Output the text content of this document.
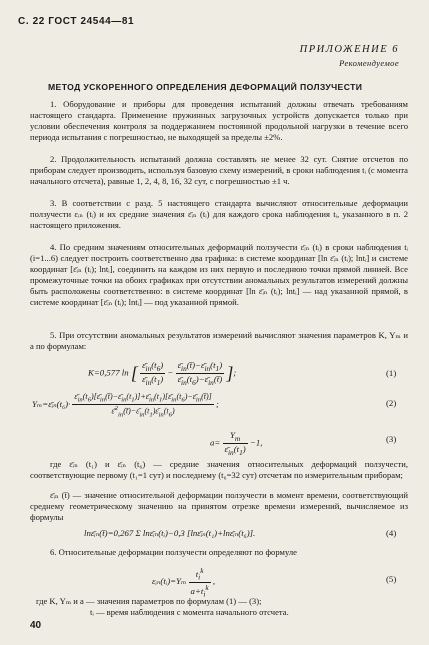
С. 22 ГОСТ 24544—81
ПРИЛОЖЕНИЕ 6
Рекомендуемое
МЕТОД УСКОРЕННОГО ОПРЕДЕЛЕНИЯ ДЕФОРМАЦИЙ ПОЛЗУЧЕСТИ
1. Оборудование и приборы для проведения испытаний должны отвечать требованиям настоящего стандарта. Применение пружинных загрузочных устройств допускается только при условии обеспечения контроля за поддержанием постоянной продольной нагрузки в течение всего периода испытания с погрешностью, не выходящей за пределы ±2%.
2. Продолжительность испытаний должна составлять не менее 32 сут. Снятие отсчетов по приборам следует производить, используя базовую схему измерений, в сроки наблюдения tᵢ (с момента начального отсчета), равные 1, 2, 4, 8, 16, 32 сут, с погрешностью ±1 ч.
3. В соответствии с разд. 5 настоящего стандарта вычисляют относительные деформации ползучести εᵢₙ (tᵢ) и их средние значения ε̄ᵢₙ (tᵢ) для каждого срока наблюдения tᵢ, указанного в п. 2 настоящего приложения.
4. По средним значениям относительных деформаций ползучести ε̄ᵢₙ (tᵢ) в сроки наблюдения tᵢ (i=1...6) следует построить соответственно два графика: в системе координат [ln ε̄ᵢₙ (tᵢ); lntᵢ] и системе координат [ε̄ᵢₙ (tᵢ); lntᵢ], соединить на каждом из них первую и последнюю точки прямой линией. Все промежуточные точки на обоих графиках при отсутствии аномальных результатов измерений должны быть расположены соответственно: в системе координат [ln ε̄ᵢₙ (tᵢ); lntᵢ] — над указанной прямой, в системе координат [ε̄ᵢₙ (tᵢ); lntᵢ] — под указанной прямой.
5. При отсутствии аномальных результатов измерений вычисляют значения параметров K, Yₘ и a по формулам:
K=0,577 ln [ $\frac{\varepsilon̄_{in}(t_6)}{\varepsilon̄_{in}(t_1)} - \frac{\varepsilon̄_{in}(t̄)-\varepsilon̄_{in}(t_1)}{\varepsilon̄_{in}(t_6)-\varepsilon̄_{in}(t̄)}$ ];	(1)
Yₘ=ε̄ᵢₙ(t₆)· $\frac{\varepsilon̄_{in}(t_6)[\varepsilon̄_{in}(t̄)-\varepsilon̄_{in}(t_1)]+\varepsilon̄_{in}(t_1)[\varepsilon̄_{in}(t_6)-\varepsilon̄_{in}(t̄)]}{\varepsilon̄^2_{in}(t̄)-\varepsilon̄_{in}(t_1)\varepsilon̄_{in}(t_6)}$ ;	(2)
$a= \frac{Y_m}{\varepsilon̄_{in}(t_1)} -1$,	(3)
где ε̄ᵢₙ (t₁) и ε̄ᵢₙ (t₆) — средние значения относительных деформаций ползучести, соответствующие первому (t₁=1 сут) и последнему (t₆=32 сут) отсчетам по измерительным приборам;
ε̄ᵢₙ (t̄) — значение относительной деформации ползучести в момент времени, соответствующий среднему геометрическому значению на принятом отрезке времени измерений, вычисляемое из формулы
lnε̄ᵢₙ(t̄)=0,267 Σ lnε̄ᵢₙ(tᵢ)−0,3 [lnε̄ᵢₙ(t₁)+lnε̄ᵢₙ(t₆)].	(4)
6. Относительные деформации ползучести определяют по формуле
εᵢₙ(tᵢ)=Yₘ $\frac{t_i^k}{a+t_i^k}$ ,	(5)
где K, Yₘ и a — значения параметров по формулам (1) — (3);
tᵢ — время наблюдения с момента начального отсчета.
40
